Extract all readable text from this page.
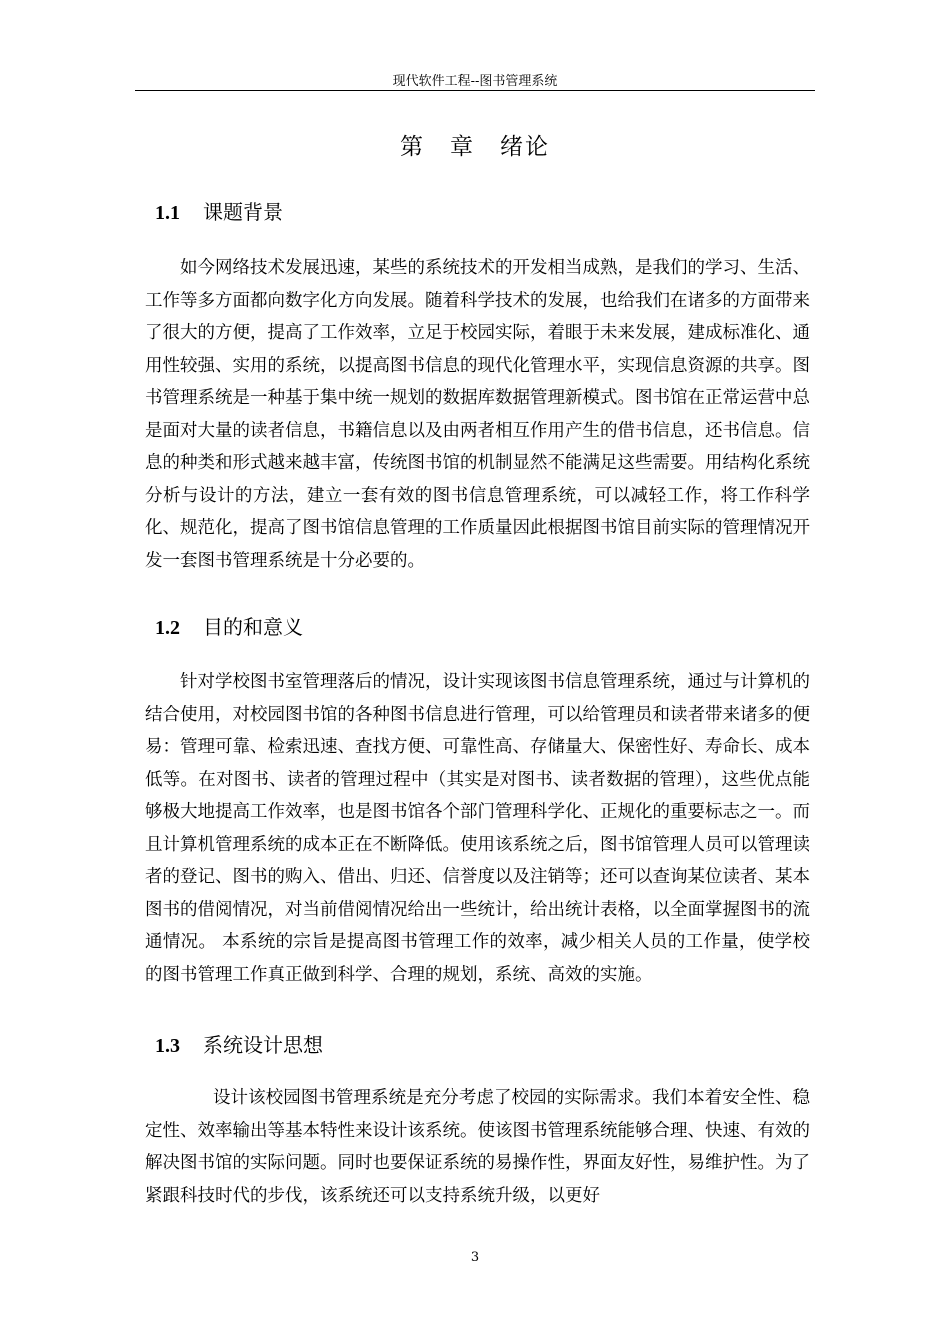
现代软件工程--图书管理系统
第　章　绪论
1.1 课题背景

如今网络技术发展迅速，某些的系统技术的开发相当成熟，是我们的学习、生活、工作等多方面都向数字化方向发展。随着科学技术的发展，也给我们在诸多的方面带来了很大的方便，提高了工作效率，立足于校园实际，着眼于未来发展，建成标准化、通用性较强、实用的系统，以提高图书信息的现代化管理水平，实现信息资源的共享。图书管理系统是一种基于集中统一规划的数据库数据管理新模式。图书馆在正常运营中总是面对大量的读者信息，书籍信息以及由两者相互作用产生的借书信息，还书信息。信息的种类和形式越来越丰富，传统图书馆的机制显然不能满足这些需要。用结构化系统分析与设计的方法，建立一套有效的图书信息管理系统，可以减轻工作，将工作科学化、规范化，提高了图书馆信息管理的工作质量因此根据图书馆目前实际的管理情况开发一套图书管理系统是十分必要的。

1.2 目的和意义

针对学校图书室管理落后的情况，设计实现该图书信息管理系统，通过与计算机的结合使用，对校园图书馆的各种图书信息进行管理，可以给管理员和读者带来诸多的便易：管理可靠、检索迅速、查找方便、可靠性高、存储量大、保密性好、寿命长、成本低等。在对图书、读者的管理过程中（其实是对图书、读者数据的管理），这些优点能够极大地提高工作效率，也是图书馆各个部门管理科学化、正规化的重要标志之一。而且计算机管理系统的成本正在不断降低。使用该系统之后，图书馆管理人员可以管理读者的登记、图书的购入、借出、归还、信誉度以及注销等；还可以查询某位读者、某本图书的借阅情况，对当前借阅情况给出一些统计，给出统计表格，以全面掌握图书的流通情况。 本系统的宗旨是提高图书管理工作的效率，减少相关人员的工作量，使学校的图书管理工作真正做到科学、合理的规划，系统、高效的实施。

1.3 系统设计思想

设计该校园图书管理系统是充分考虑了校园的实际需求。我们本着安全性、稳定性、效率输出等基本特性来设计该系统。使该图书管理系统能够合理、快速、有效的解决图书馆的实际问题。同时也要保证系统的易操作性，界面友好性，易维护性。为了紧跟科技时代的步伐，该系统还可以支持系统升级，以更好

3
